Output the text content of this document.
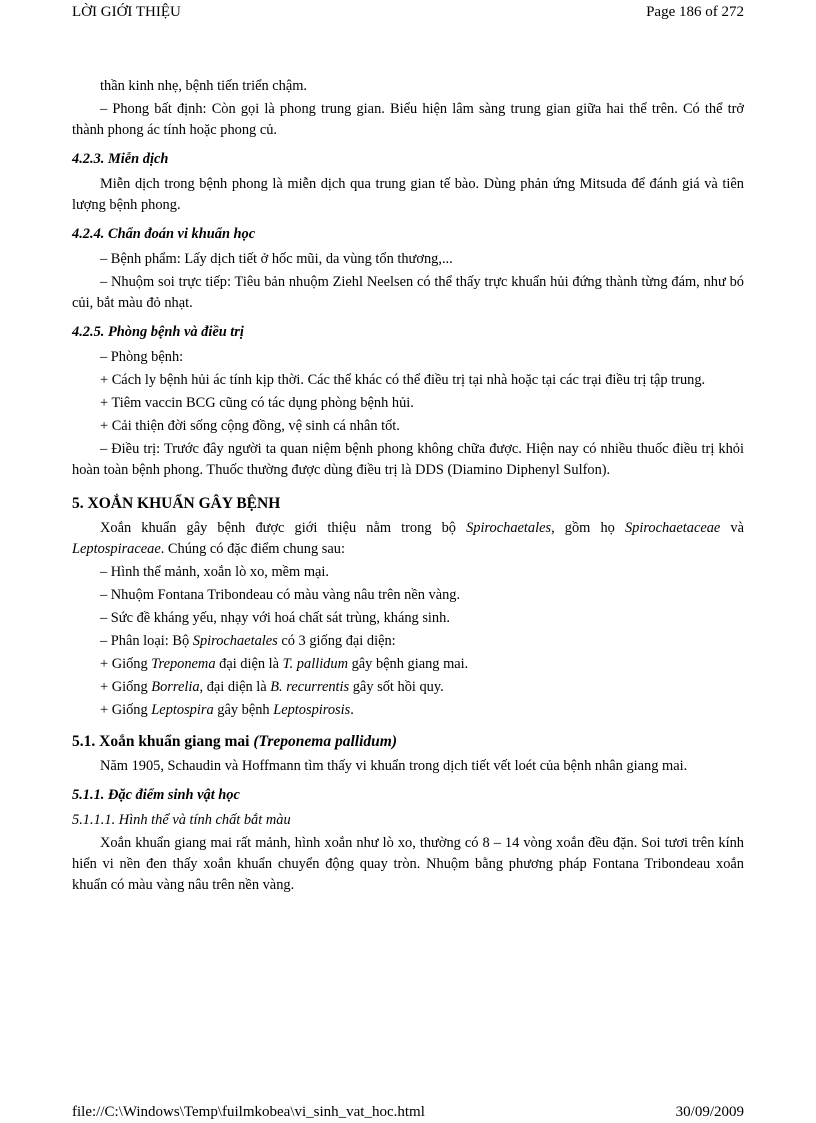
LỜI GIỚI THIỆU	Page 186 of 272

thần kinh nhẹ, bệnh tiến triển chậm.

– Phong bất định: Còn gọi là phong trung gian. Biểu hiện lâm sàng trung gian giữa hai thể trên. Có thể trở thành phong ác tính hoặc phong củ.

4.2.3. Miễn dịch

Miễn dịch trong bệnh phong là miễn dịch qua trung gian tế bào. Dùng phản ứng Mitsuda để đánh giá và tiên lượng bệnh phong.

4.2.4. Chẩn đoán vi khuẩn học

– Bệnh phẩm: Lấy dịch tiết ở hốc mũi, da vùng tổn thương,...

– Nhuộm soi trực tiếp: Tiêu bản nhuộm Ziehl Neelsen có thể thấy trực khuẩn hủi đứng thành từng đám, như bó củi, bắt màu đỏ nhạt.

4.2.5. Phòng bệnh và điều trị

– Phòng bệnh:

+ Cách ly bệnh hủi ác tính kịp thời. Các thể khác có thể điều trị tại nhà hoặc tại các trại điều trị tập trung.

+ Tiêm vaccin BCG cũng có tác dụng phòng bệnh hủi.

+ Cải thiện đời sống cộng đồng, vệ sinh cá nhân tốt.

– Điều trị: Trước đây người ta quan niệm bệnh phong không chữa được. Hiện nay có nhiều thuốc điều trị khỏi hoàn toàn bệnh phong. Thuốc thường được dùng điều trị là DDS (Diamino Diphenyl Sulfon).

5. XOẮN KHUẨN GÂY BỆNH

Xoắn khuẩn gây bệnh được giới thiệu nằm trong bộ Spirochaetales, gồm họ Spirochaetaceae và Leptospiraceae. Chúng có đặc điểm chung sau:

– Hình thể mảnh, xoắn lò xo, mềm mại.

– Nhuộm Fontana Tribondeau có màu vàng nâu trên nền vàng.

– Sức đề kháng yếu, nhạy với hoá chất sát trùng, kháng sinh.

– Phân loại: Bộ Spirochaetales có 3 giống đại diện:

+ Giống Treponema đại diện là T. pallidum gây bệnh giang mai.

+ Giống Borrelia, đại diện là B. recurrentis gây sốt hồi quy.

+ Giống Leptospira gây bệnh Leptospirosis.

5.1. Xoắn khuẩn giang mai (Treponema pallidum)

Năm 1905, Schaudin và Hoffmann tìm thấy vi khuẩn trong dịch tiết vết loét của bệnh nhân giang mai.

5.1.1. Đặc điểm sinh vật học

5.1.1.1. Hình thể và tính chất bắt màu

Xoắn khuẩn giang mai rất mảnh, hình xoắn như lò xo, thường có 8 – 14 vòng xoắn đều đặn. Soi tươi trên kính hiển vi nền đen thấy xoắn khuẩn chuyển động quay tròn. Nhuộm bằng phương pháp Fontana Tribondeau xoắn khuẩn có màu vàng nâu trên nền vàng.

file://C:\Windows\Temp\fuilmkobea\vi_sinh_vat_hoc.html	30/09/2009
